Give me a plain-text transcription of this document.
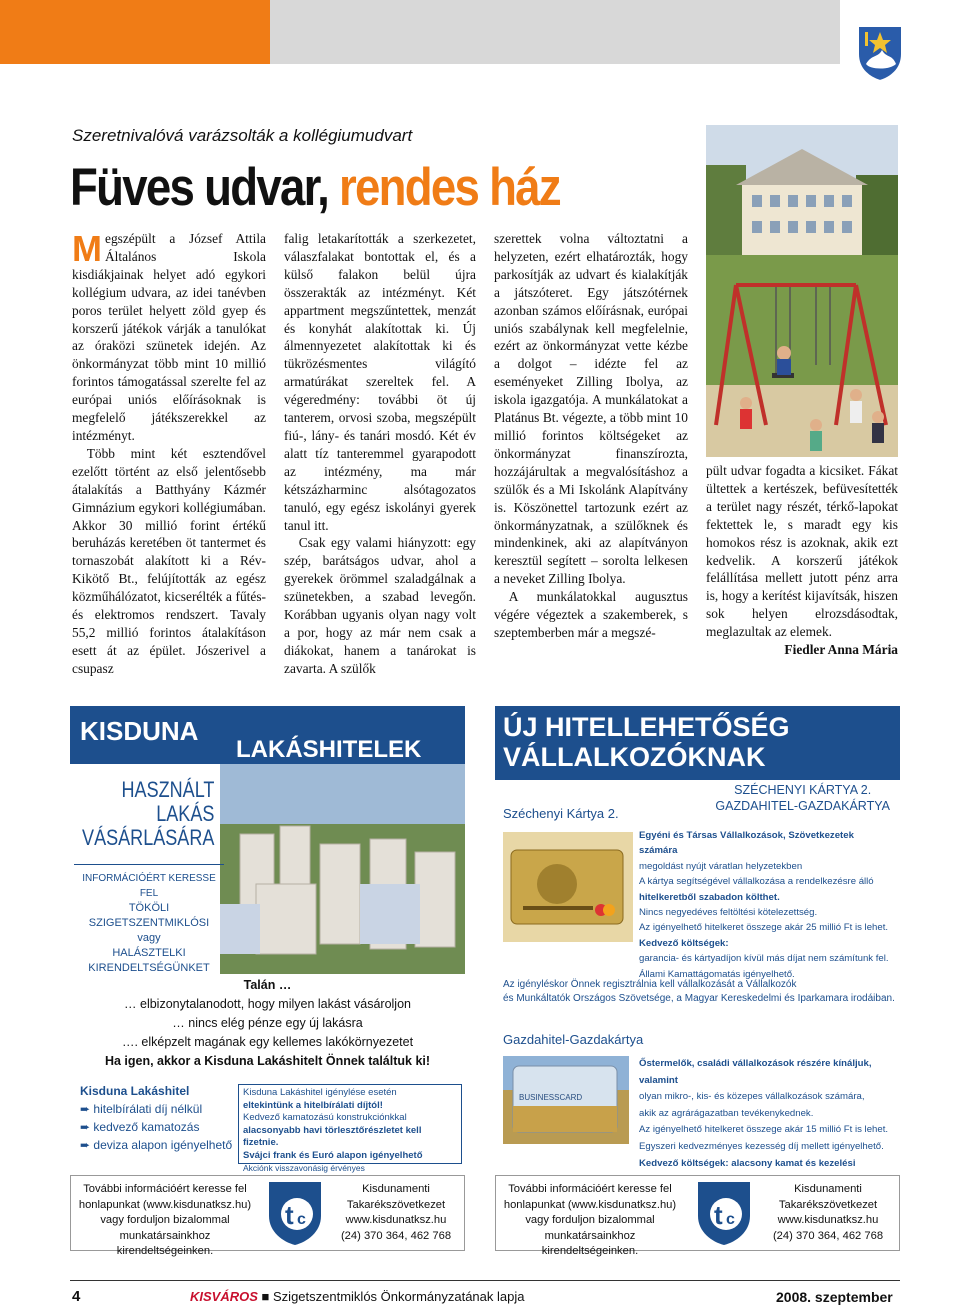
Szeretnivalóvá varázsolták a kollégiumudvart
Füves udvar, rendes ház

Megszépült a József Attila Általános Iskola kisdiákjainak helyet adó egykori kollégium udvara, az idei tanévben poros terület helyett zöld gyep és korszerű játékok várják a tanulókat az óraközi szünetek idején. Az önkormányzat több mint 10 millió forintos támogatással szerelte fel az európai uniós előírásoknak is megfelelő játékszerekkel az intézményt.

Több mint két esztendővel ezelőtt történt az első jelentősebb átalakítás a Batthyány Kázmér Gimnázium egykori kollégiumában. Akkor 30 millió forint értékű beruházás keretében öt tantermet és tornaszobát alakított ki a Rév-Kikötő Bt., felújították az egész közműhálózatot, kicserélték a fűtés- és elektromos rendszert. Tavaly 55,2 millió forintos átalakításon esett át az épület. Jószerivel a csupasz

falig letakarították a szerkezetet, válaszfalakat bontottak el, és a külső falakon belül újra összerakták az intézményt. Két appartment megszűntettek, menzát és konyhát alakítottak ki. Új álmennyezetet alakítottak ki és tükrözésmentes világító armatúrákat szereltek fel. A végeredmény: további öt új tanterem, orvosi szoba, megszépült fiú-, lány- és tanári mosdó. Két év alatt tíz tanteremmel gyarapodott az intézmény, ma már kétszázharminc alsótagozatos tanuló, egy egész iskolányi gyerek tanul itt.

Csak egy valami hiányzott: egy szép, barátságos udvar, ahol a gyerekek örömmel szaladgálnak a szünetekben, a szabad levegőn. Korábban ugyanis olyan nagy volt a por, hogy az már nem csak a diákokat, hanem a tanárokat is zavarta. A szülők

szerettek volna változtatni a helyzeten, ezért elhatározták, hogy parkosítják az udvart és kialakítják a játszóteret. Egy játszótérnek azonban számos előírásnak, európai uniós szabálynak kell megfelelnie, ezért az önkormányzat vette kézbe a dolgot – idézte fel az eseményeket Zilling Ibolya, az iskola igazgatója. A munkálatokat a Platánus Bt. végezte, a több mint 10 millió forintos költségeket az önkormányzat finanszírozta, hozzájárultak a megvalósításhoz a szülők és a Mi Iskolánk Alapítvány is. Köszönettel tartozunk ezért az önkormányzatnak, a szülőknek és mindenkinek, aki az alapítványon keresztül segített – sorolta lelkesen a neveket Zilling Ibolya.

A munkálatokkal augusztus végére végeztek a szakemberek, s szeptemberben már a megszé-

pült udvar fogadta a kicsiket. Fákat ültettek a kertészek, befüvesítették a terület nagy részét, térkő-lapokat fektettek le, s maradt egy kis homokos rész is azoknak, akik ezt kedvelik. A korszerű játékok felállítása mellett jutott pénz arra is, hogy a kerítést kijavítsák, hiszen sok helyen elrozsdásodtak, meglazultak az elemek.

Fiedler Anna Mária

KISDUNA
LAKÁSHITELEK
HASZNÁLT
LAKÁS
VÁSÁRLÁSÁRA
INFORMÁCIÓÉRT KERESSE FEL
TÖKÖLI
SZIGETSZENTMIKLÓSI
vagy
HALÁSZTELKI
KIRENDELTSÉGÜNKET
Talán …
… elbizonytalanodott, hogy milyen lakást vásároljon
… nincs elég pénze egy új lakásra
…. elképzelt magának egy kellemes lakókörnyezetet
Ha igen, akkor a Kisduna Lakáshitelt Önnek találtuk ki!
Kisduna Lakáshitel
➨ hitelbírálati díj nélkül
➨ kedvező kamatozás
➨ deviza alapon igényelhető
Kisduna Lakáshitel igénylése esetén
eltekintünk a hitelbírálati díjtól!
Kedvező kamatozású konstrukciónkkal
alacsonyabb havi törlesztőrészletet kell fizetnie.
Svájci frank és Euró alapon igényelhető
Akciónk visszavonásig érvényes
ÚJ HITELLEHETŐSÉG
VÁLLALKOZÓKNAK
SZÉCHENYI KÁRTYA 2.
GAZDAHITEL-GAZDAKÁRTYA
Széchenyi Kártya 2.
Egyéni és Társas Vállalkozások, Szövetkezetek számára
megoldást nyújt váratlan helyzetekben
A kártya segítségével vállalkozása a rendelkezésre álló
hitelkeretből szabadon költhet.
Nincs negyedéves feltöltési kötelezettség.
Az igényelhető hitelkeret összege akár 25 millió Ft is lehet.
Kedvező költségek:
garancia- és kártyadíjon kívül más díjat nem számítunk fel.
Állami Kamattágomatás igényelhető.
Az igényléskor Önnek regisztrálnia kell vállalkozását a Vállalkozók
és Munkáltatók Országos Szövetsége, a Magyar Kereskedelmi és Iparkamara irodáiban.
Gazdahitel-Gazdakártya
BUSINESSCARD
Őstermelők, családi vállalkozások részére kínáljuk, valamint
olyan mikro-, kis- és közepes vállalkozások számára,
akik az agrárágazatban tevékenykednek.
Az igényelhető hitelkeret összege akár 15 millió Ft is lehet.
Egyszeri kedvezményes kezesség díj mellett igényelhető.
Kedvező költségek: alacsony kamat és kezelési
További információért keresse fel
honlapunkat (www.kisdunatksz.hu)
vagy forduljon bizalommal
munkatársainkhoz kirendeltségeinken.
t c
Kisdunamenti
Takarékszövetkezet
www.kisdunatksz.hu
(24) 370 364, 462 768
További információért keresse fel
honlapunkat (www.kisdunatksz.hu)
vagy forduljon bizalommal
munkatársainkhoz kirendeltségeinken.
t c
Kisdunamenti
Takarékszövetkezet
www.kisdunatksz.hu
(24) 370 364, 462 768
4	KISVÁROS ■ Szigetszentmiklós Önkormányzatának lapja	2008. szeptember
